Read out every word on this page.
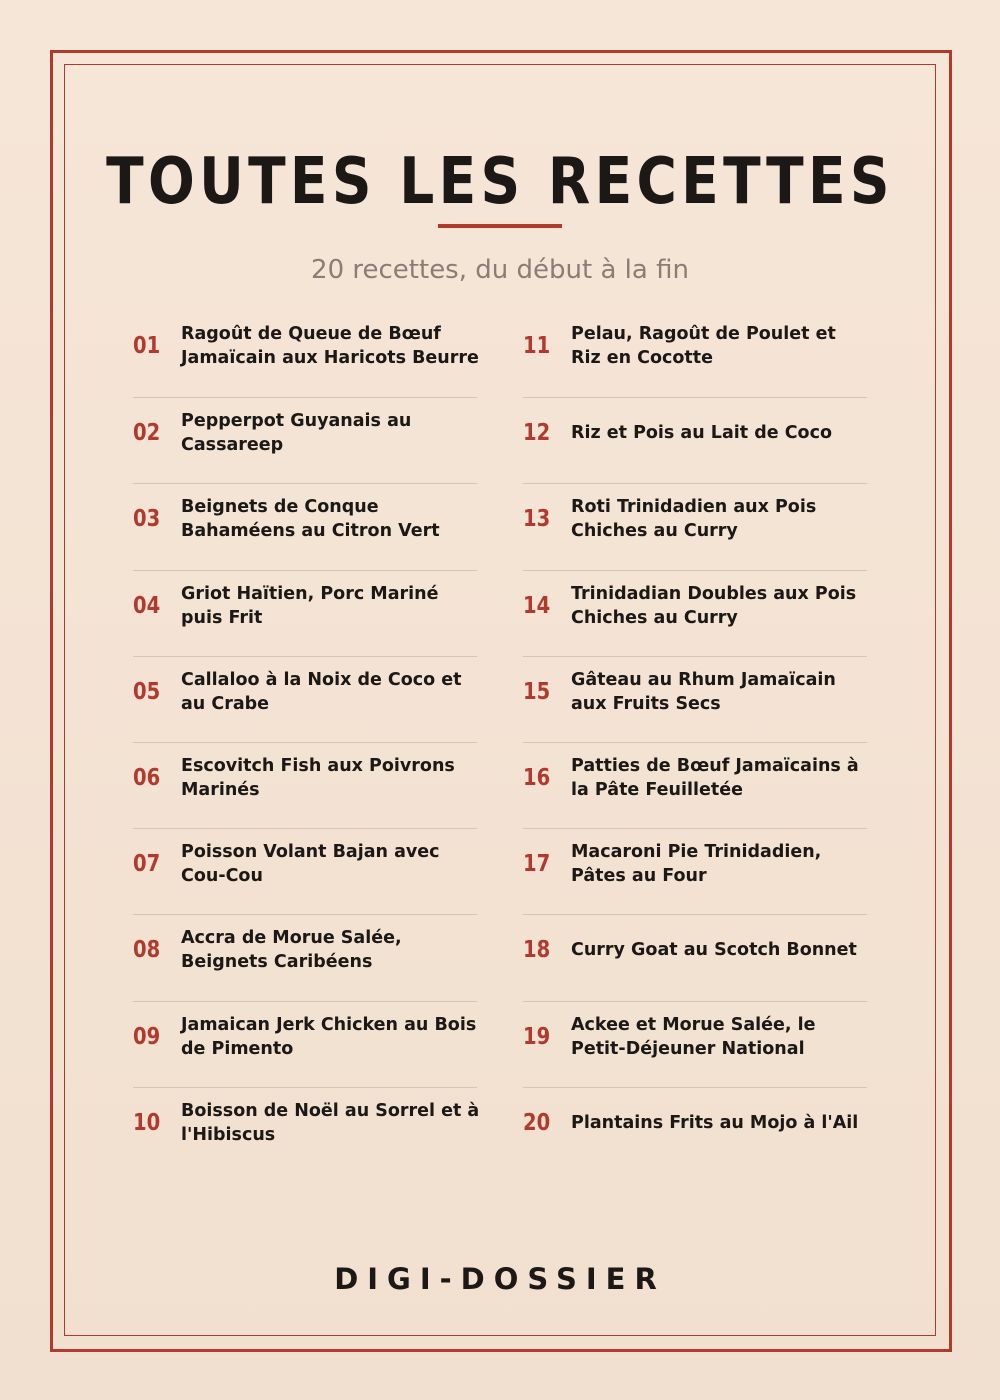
TOUTES LES RECETTES

20 recettes, du début à la fin

01	Ragoût de Queue de Bœuf Jamaïcain aux Haricots Beurre
02	Pepperpot Guyanais au Cassareep
03	Beignets de Conque Bahaméens au Citron Vert
04	Griot Haïtien, Porc Mariné puis Frit
05	Callaloo à la Noix de Coco et au Crabe
06	Escovitch Fish aux Poivrons Marinés
07	Poisson Volant Bajan avec Cou-Cou
08	Accra de Morue Salée, Beignets Caribéens
09	Jamaican Jerk Chicken au Bois de Pimento
10	Boisson de Noël au Sorrel et à l'Hibiscus
11	Pelau, Ragoût de Poulet et Riz en Cocotte
12	Riz et Pois au Lait de Coco
13	Roti Trinidadien aux Pois Chiches au Curry
14	Trinidadian Doubles aux Pois Chiches au Curry
15	Gâteau au Rhum Jamaïcain aux Fruits Secs
16	Patties de Bœuf Jamaïcains à la Pâte Feuilletée
17	Macaroni Pie Trinidadien, Pâtes au Four
18	Curry Goat au Scotch Bonnet
19	Ackee et Morue Salée, le Petit-Déjeuner National
20	Plantains Frits au Mojo à l'Ail

DIGI-DOSSIER
